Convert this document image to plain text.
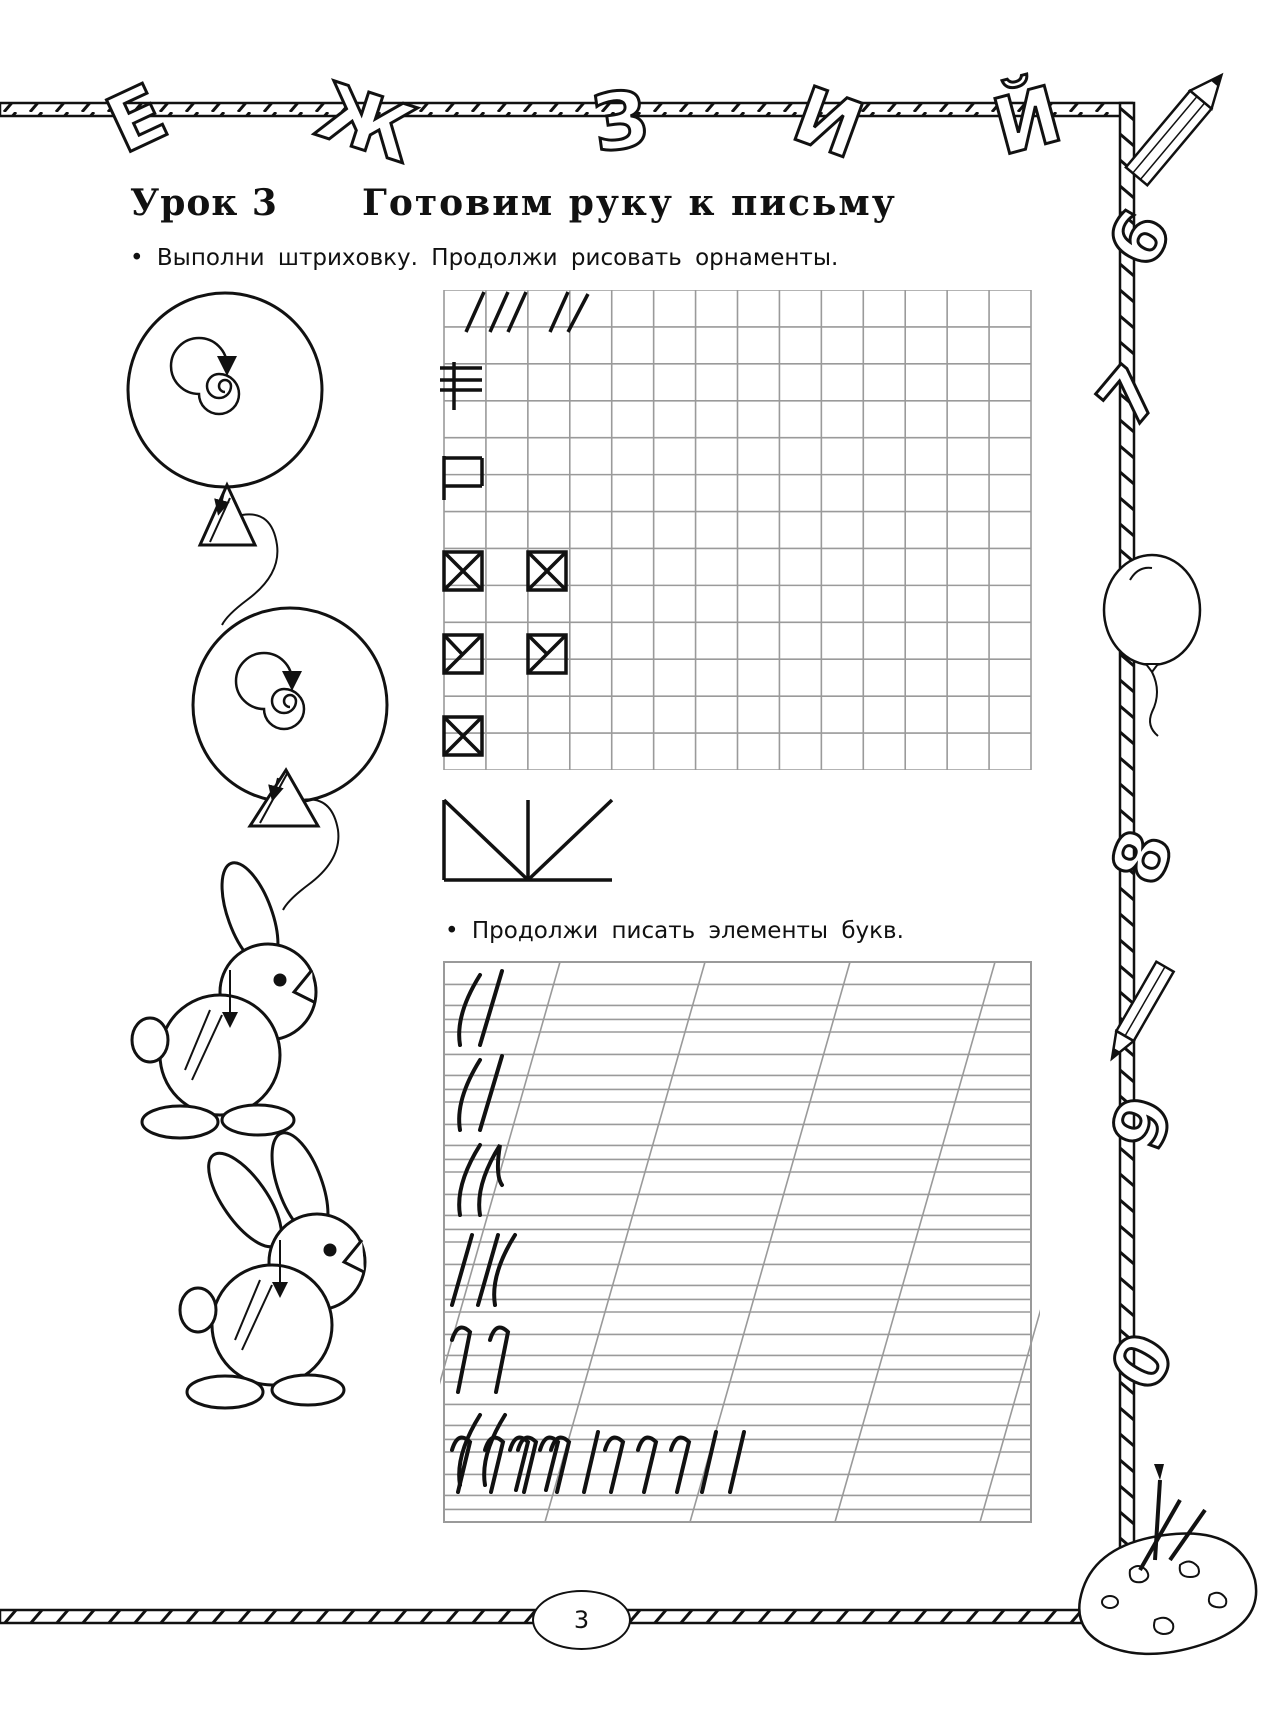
Е Ж З И Й
6
7
8
9
0
Урок 3 Готовим руку к письму
• Выполни штриховку. Продолжи рисовать орнаменты.
• Продолжи писать элементы букв.
3
